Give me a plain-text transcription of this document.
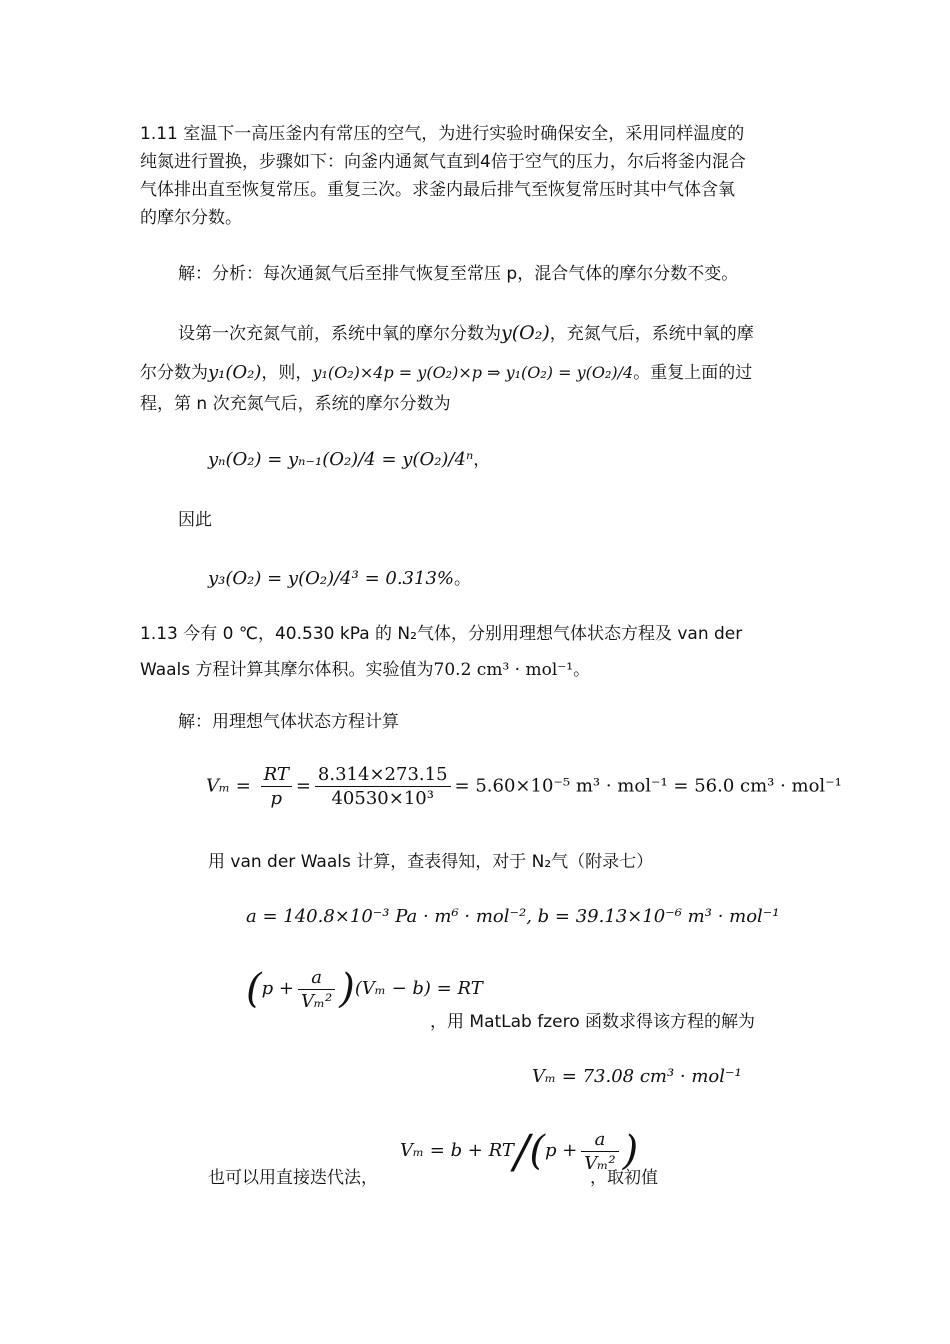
1.11 室温下一高压釜内有常压的空气，为进行实验时确保安全，采用同样温度的
纯氮进行置换，步骤如下：向釜内通氮气直到4倍于空气的压力，尔后将釜内混合
气体排出直至恢复常压。重复三次。求釜内最后排气至恢复常压时其中气体含氧
的摩尔分数。
解：分析：每次通氮气后至排气恢复至常压 p，混合气体的摩尔分数不变。
设第一次充氮气前，系统中氧的摩尔分数为y(O₂)，充氮气后，系统中氧的摩
尔分数为y₁(O₂)，则，y₁(O₂)×4p = y(O₂)×p ⇒ y₁(O₂) = y(O₂)/4。重复上面的过
程，第 n 次充氮气后，系统的摩尔分数为
yₙ(O₂) = yₙ₋₁(O₂)/4 = y(O₂)/4ⁿ，
因此
y₃(O₂) = y(O₂)/4³ = 0.313%。
1.13 今有 0 ℃，40.530 kPa 的 N₂气体，分别用理想气体状态方程及 van der
Waals 方程计算其摩尔体积。实验值为70.2 cm³ · mol⁻¹。
解：用理想气体状态方程计算
$V_m = \frac{RT}{p} = \frac{8.314\times 273.15}{\text{40530×10³}} = 5.60\times 10^{-5}$ m³ · mol⁻¹ = 56.0 cm³ · mol⁻¹
用 van der Waals 计算，查表得知，对于 N₂气（附录七）
a = 140.8×10⁻³ Pa · m⁶ · mol⁻², b = 39.13×10⁻⁶ m³ · mol⁻¹
$(p + \frac{a}{\text{Vₘ²}} )(V_m - b)$ = RT
，用 MatLab fzero 函数求得该方程的解为
Vₘ = 73.08 cm³ · mol⁻¹
$V_m = b + RT/(p + \frac{a}{\text{Vₘ²}}$ )
也可以用直接迭代法，	，取初值
